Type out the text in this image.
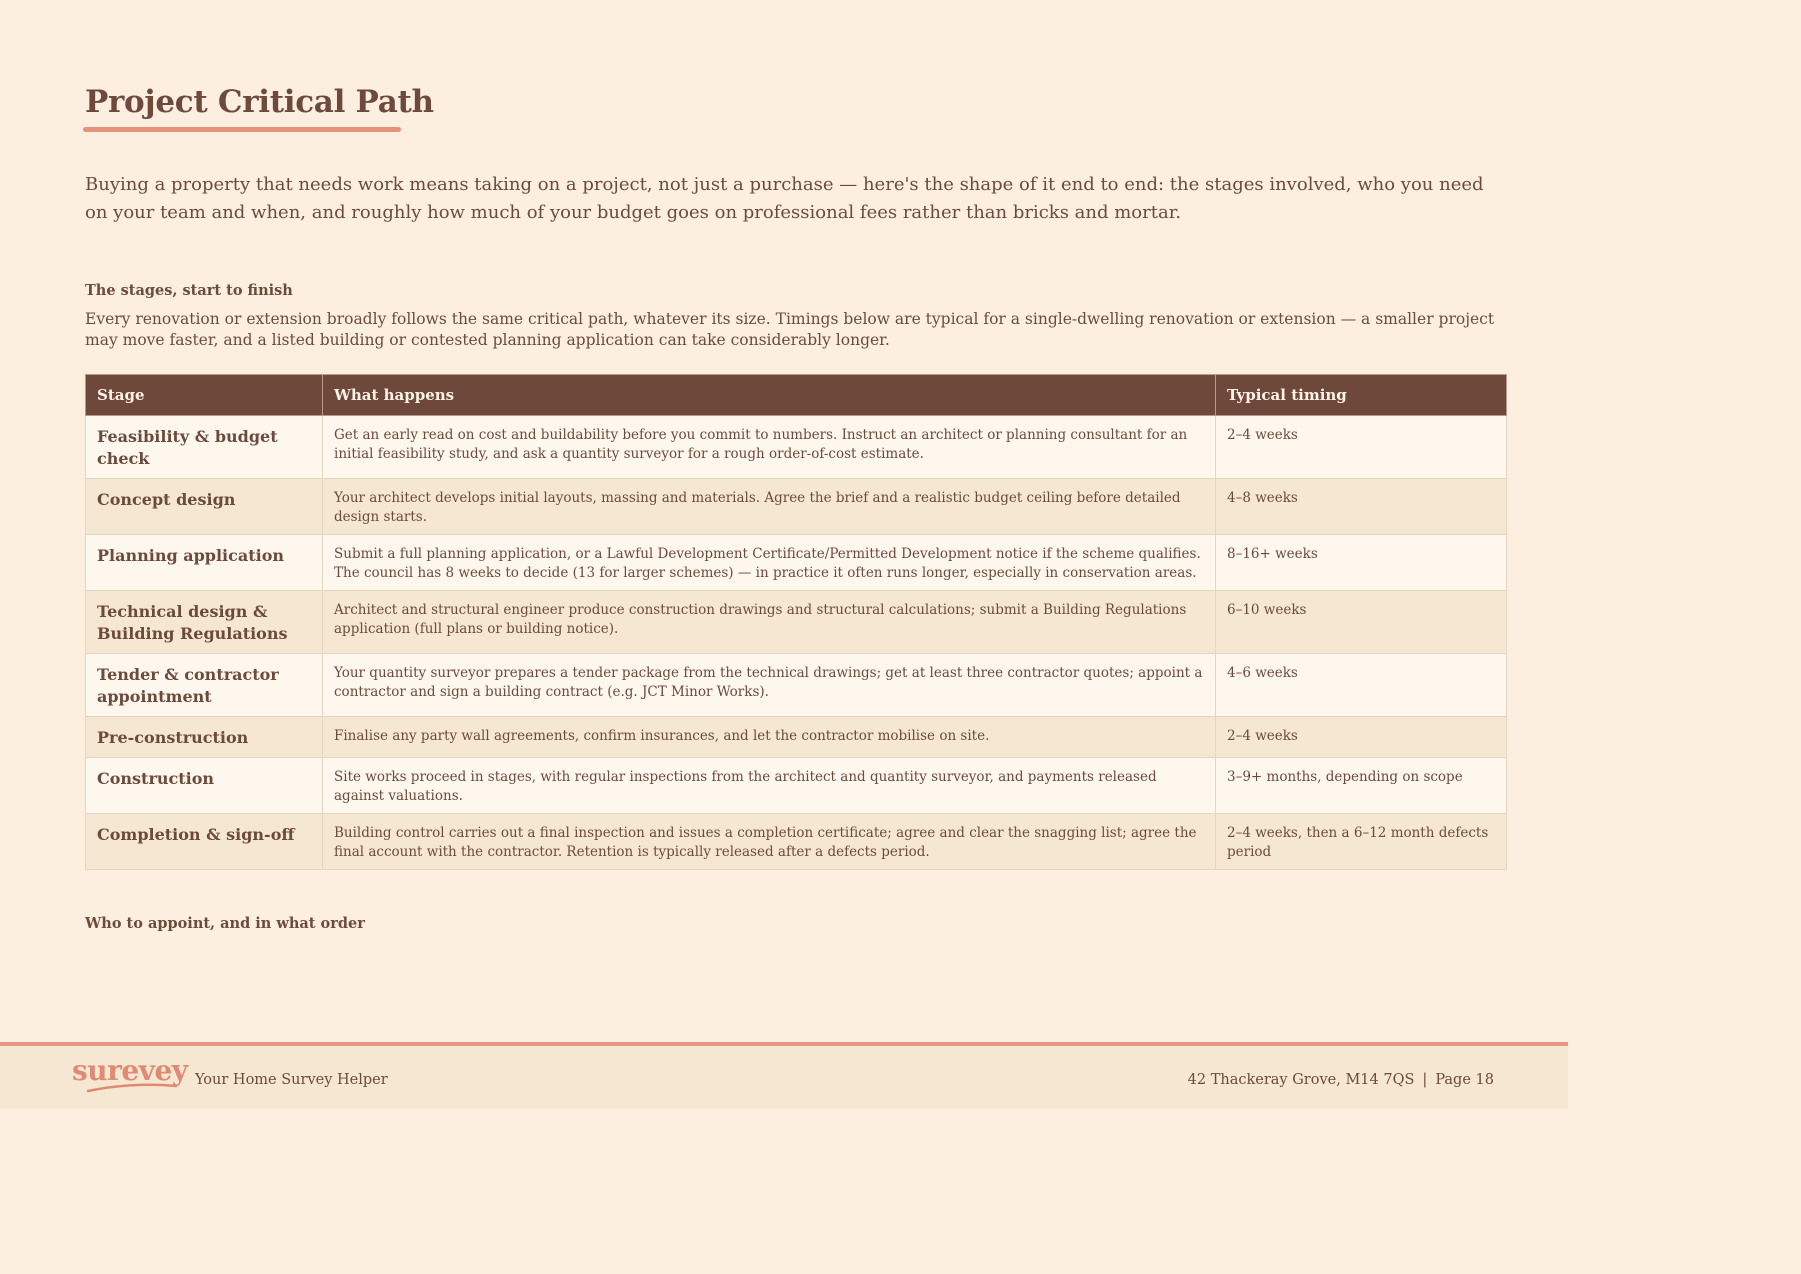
Project Critical Path

Buying a property that needs work means taking on a project, not just a purchase — here's the shape of it end to end: the stages involved, who you need on your team and when, and roughly how much of your budget goes on professional fees rather than bricks and mortar.

The stages, start to finish

Every renovation or extension broadly follows the same critical path, whatever its size. Timings below are typical for a single-dwelling renovation or extension — a smaller project may move faster, and a listed building or contested planning application can take considerably longer.

Stage	What happens	Typical timing
Feasibility & budget check	Get an early read on cost and buildability before you commit to numbers. Instruct an architect or planning consultant for an initial feasibility study, and ask a quantity surveyor for a rough order-of-cost estimate.	2–4 weeks
Concept design	Your architect develops initial layouts, massing and materials. Agree the brief and a realistic budget ceiling before detailed design starts.	4–8 weeks
Planning application	Submit a full planning application, or a Lawful Development Certificate/Permitted Development notice if the scheme qualifies. The council has 8 weeks to decide (13 for larger schemes) — in practice it often runs longer, especially in conservation areas.	8–16+ weeks
Technical design & Building Regulations	Architect and structural engineer produce construction drawings and structural calculations; submit a Building Regulations application (full plans or building notice).	6–10 weeks
Tender & contractor appointment	Your quantity surveyor prepares a tender package from the technical drawings; get at least three contractor quotes; appoint a contractor and sign a building contract (e.g. JCT Minor Works).	4–6 weeks
Pre-construction	Finalise any party wall agreements, confirm insurances, and let the contractor mobilise on site.	2–4 weeks
Construction	Site works proceed in stages, with regular inspections from the architect and quantity surveyor, and payments released against valuations.	3–9+ months, depending on scope
Completion & sign-off	Building control carries out a final inspection and issues a completion certificate; agree and clear the snagging list; agree the final account with the contractor. Retention is typically released after a defects period.	2–4 weeks, then a 6–12 month defects period
Who to appoint, and in what order
surevey Your Home Survey Helper	42 Thackeray Grove, M14 7QS | Page 18
